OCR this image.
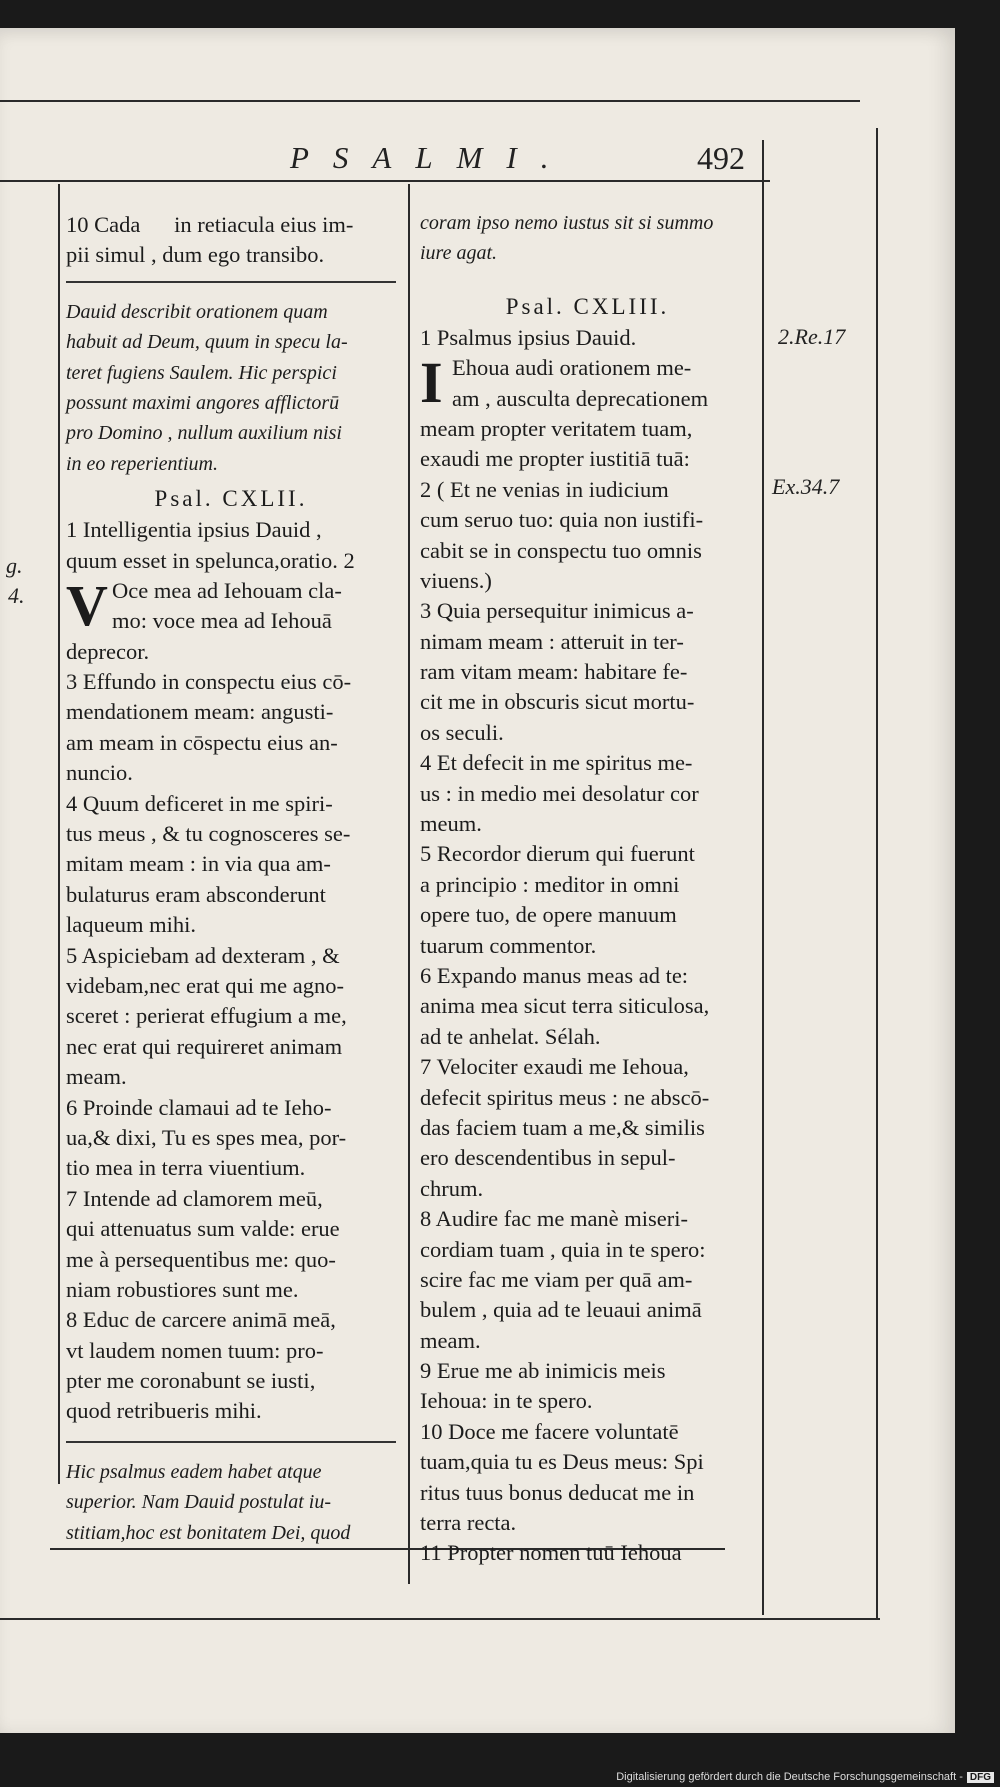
PSALMI.	492
2.Re.17
Ex.34.7
g.
4.
10 Cada   in retiacula eius im-
pii simul , dum ego transibo.
Dauid describit orationem quam
habuit ad Deum, quum in specu la-
teret fugiens Saulem. Hic perspici
possunt maximi angores afflictorū
pro Domino , nullum auxilium nisi
in eo reperientium.
Psal. CXLII.
1 Intelligentia ipsius Dauid ,
quum esset in spelunca,oratio. 2
V Oce mea ad Iehouam cla-
mo: voce mea ad Iehouā
deprecor.
3 Effundo in conspectu eius cō-
mendationem meam: angusti-
am meam in cōspectu eius an-
nuncio.
4 Quum deficeret in me spiri-
tus meus , & tu cognosceres se-
mitam meam : in via qua am-
bulaturus eram absconderunt
laqueum mihi.
5 Aspiciebam ad dexteram , &
videbam,nec erat qui me agno-
sceret : perierat effugium a me,
nec erat qui requireret animam
meam.
6 Proinde clamaui ad te Ieho-
ua,& dixi, Tu es spes mea, por-
tio mea in terra viuentium.
7 Intende ad clamorem meū,
qui attenuatus sum valde: erue
me à persequentibus me: quo-
niam robustiores sunt me.
8 Educ de carcere animā meā,
vt laudem nomen tuum: pro-
pter me coronabunt se iusti,
quod retribueris mihi.
Hic psalmus eadem habet atque
superior. Nam Dauid postulat iu-
stitiam,hoc est bonitatem Dei, quod
coram ipso nemo iustus sit si summo
iure agat.
Psal. CXLIII.
1 Psalmus ipsius Dauid.
I Ehoua audi orationem me-
am , ausculta deprecationem
meam propter veritatem tuam,
exaudi me propter iustitiā tuā:
2 ( Et ne venias in iudicium
cum seruo tuo: quia non iustifi-
cabit se in conspectu tuo omnis
viuens.)
3 Quia persequitur inimicus a-
nimam meam : atteruit in ter-
ram vitam meam: habitare fe-
cit me in obscuris sicut mortu-
os seculi.
4 Et defecit in me spiritus me-
us : in medio mei desolatur cor
meum.
5 Recordor dierum qui fuerunt
a principio : meditor in omni
opere tuo, de opere manuum
tuarum commentor.
6 Expando manus meas ad te:
anima mea sicut terra siticulosa,
ad te anhelat. Sélah.
7 Velociter exaudi me Iehoua,
defecit spiritus meus : ne abscō-
das faciem tuam a me,& similis
ero descendentibus in sepul-
chrum.
8 Audire fac me manè miseri-
cordiam tuam , quia in te spero:
scire fac me viam per quā am-
bulem , quia ad te leuaui animā
meam.
9 Erue me ab inimicis meis
Iehoua: in te spero.
10 Doce me facere voluntatē
tuam,quia tu es Deus meus: Spi
ritus tuus bonus deducat me in
terra recta.
11 Propter nomen tuū Iehoua
Digitalisierung gefördert durch die Deutsche Forschungsgemeinschaft - DFG
